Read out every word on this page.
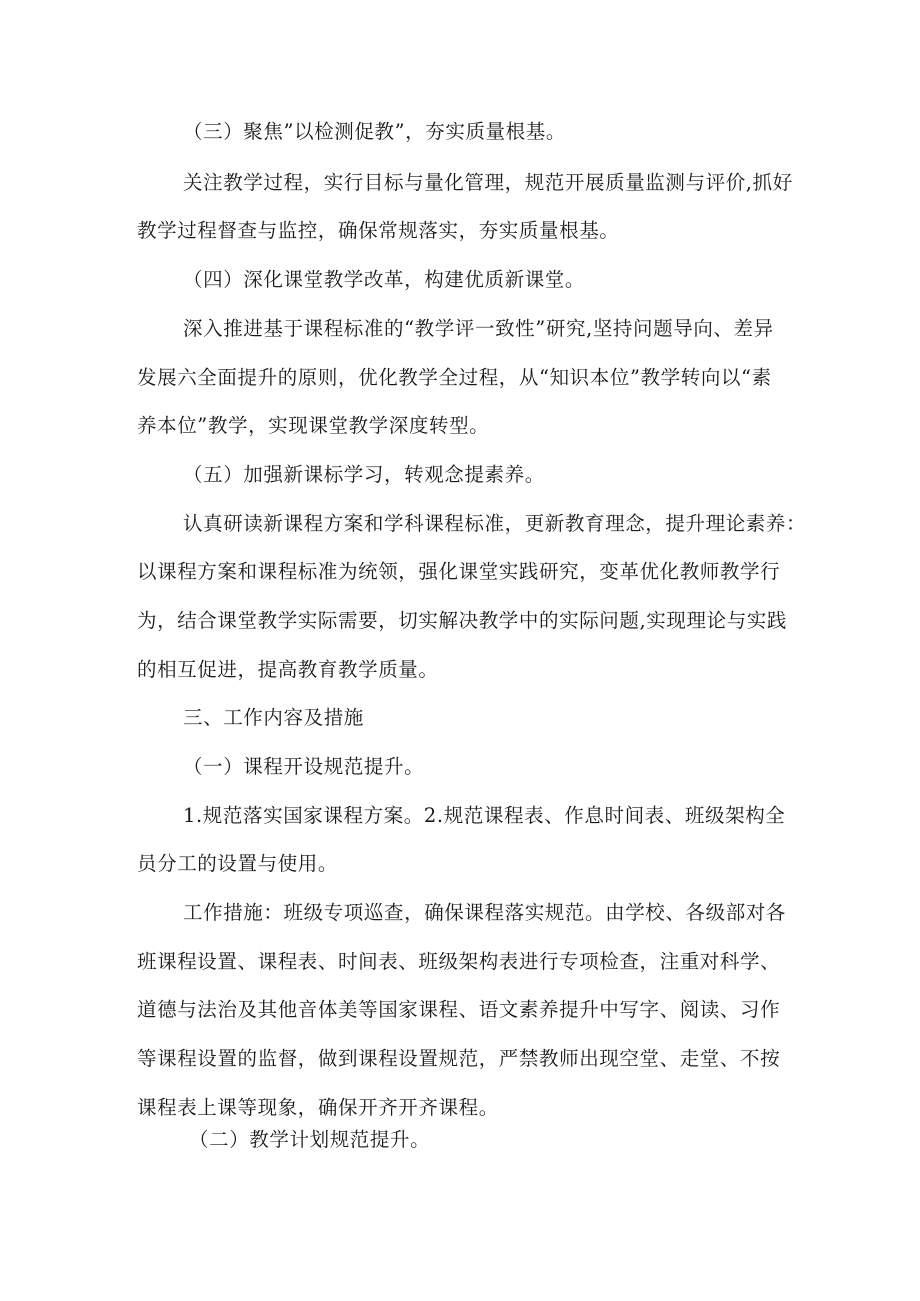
（三）聚焦”以检测促教”，夯实质量根基。
关注教学过程，实行目标与量化管理，规范开展质量监测与评价,抓好
教学过程督查与监控，确保常规落实，夯实质量根基。
（四）深化课堂教学改革，构建优质新课堂。
深入推进基于课程标准的“教学评一致性”研究,坚持问题导向、差异
发展六全面提升的原则，优化教学全过程，从“知识本位”教学转向以“素
养本位”教学，实现课堂教学深度转型。
（五）加强新课标学习，转观念提素养。
认真研读新课程方案和学科课程标准，更新教育理念，提升理论素养：
以课程方案和课程标准为统领，强化课堂实践研究，变革优化教师教学行
为，结合课堂教学实际需要，切实解决教学中的实际问题,实现理论与实践
的相互促进，提高教育教学质量。
三、工作内容及措施
（一）课程开设规范提升。
1.规范落实国家课程方案。2.规范课程表、作息时间表、班级架构全
员分工的设置与使用。
工作措施：班级专项巡查，确保课程落实规范。由学校、各级部对各
班课程设置、课程表、时间表、班级架构表进行专项检查，注重对科学、
道德与法治及其他音体美等国家课程、语文素养提升中写字、阅读、习作
等课程设置的监督，做到课程设置规范，严禁教师出现空堂、走堂、不按
课程表上课等现象，确保开齐开齐课程。
（二）教学计划规范提升。
